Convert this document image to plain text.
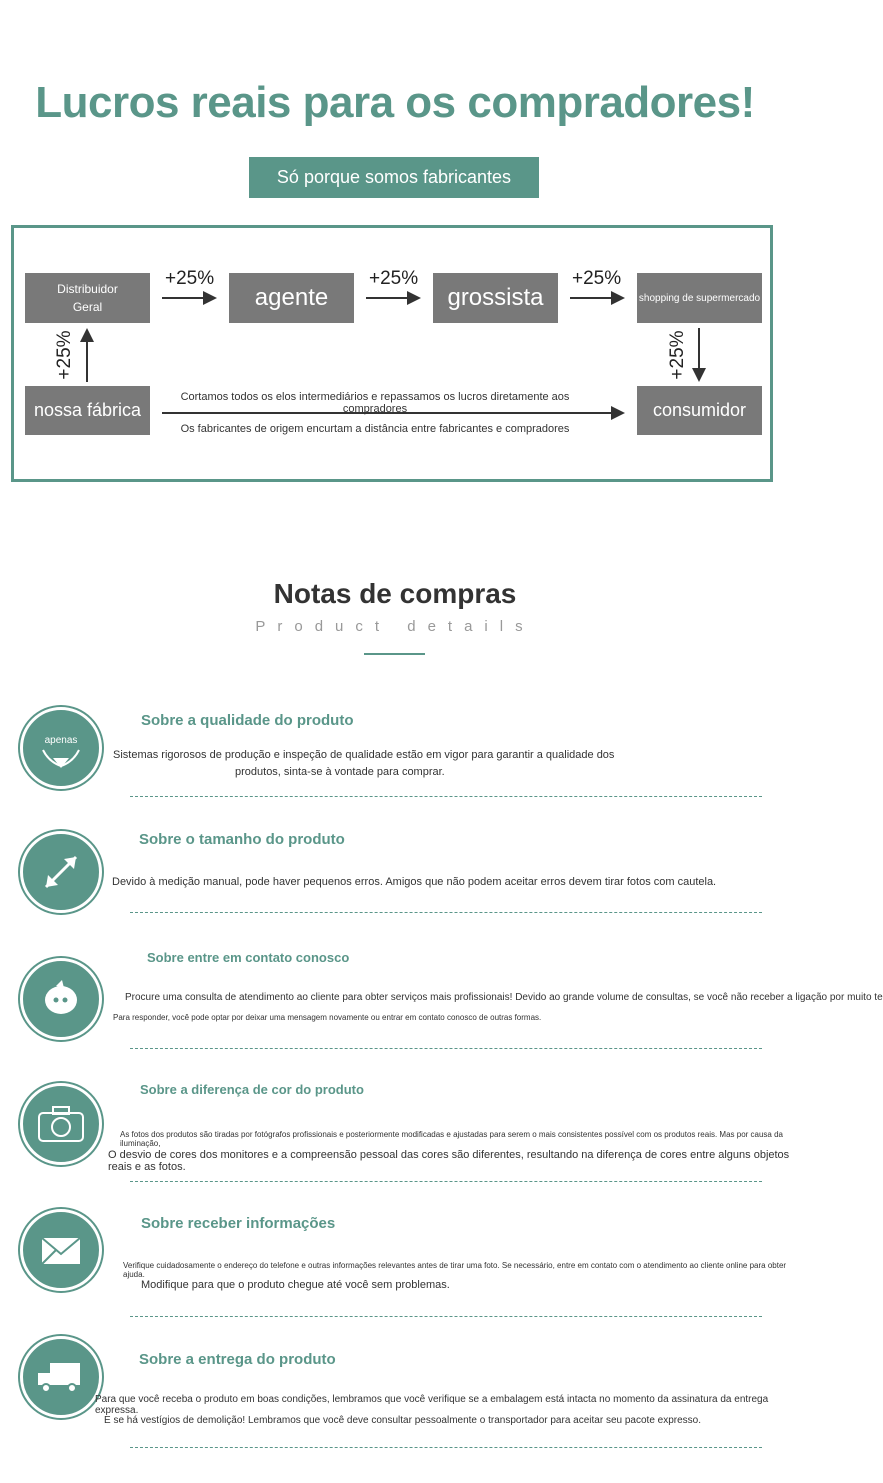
Lucros reais para os compradores!
Só porque somos fabricantes
Distribuidor
Geral	agente	grossista	shopping de supermercado
nossa fábrica	consumidor
+25%	+25%	+25%
+25%	+25%
Cortamos todos os elos intermediários e repassamos os lucros diretamente aos compradores
Os fabricantes de origem encurtam a distância entre fabricantes e compradores
Notas de compras
Product details
apenas
Sobre a qualidade do produto
Sistemas rigorosos de produção e inspeção de qualidade estão em vigor para garantir a qualidade dos
produtos, sinta-se à vontade para comprar.
Sobre o tamanho do produto
Devido à medição manual, pode haver pequenos erros. Amigos que não podem aceitar erros devem tirar fotos com cautela.
Sobre entre em contato conosco
Procure uma consulta de atendimento ao cliente para obter serviços mais profissionais! Devido ao grande volume de consultas, se você não receber a ligação por muito te
Para responder, você pode optar por deixar uma mensagem novamente ou entrar em contato conosco de outras formas.
Sobre a diferença de cor do produto
As fotos dos produtos são tiradas por fotógrafos profissionais e posteriormente modificadas e ajustadas para serem o mais consistentes possível com os produtos reais. Mas por causa da iluminação,
O desvio de cores dos monitores e a compreensão pessoal das cores são diferentes, resultando na diferença de cores entre alguns objetos reais e as fotos.
Sobre receber informações
Verifique cuidadosamente o endereço do telefone e outras informações relevantes antes de tirar uma foto. Se necessário, entre em contato com o atendimento ao cliente online para obter ajuda.
Modifique para que o produto chegue até você sem problemas.
Sobre a entrega do produto
Para que você receba o produto em boas condições, lembramos que você verifique se a embalagem está intacta no momento da assinatura da entrega expressa.
E se há vestígios de demolição! Lembramos que você deve consultar pessoalmente o transportador para aceitar seu pacote expresso.
